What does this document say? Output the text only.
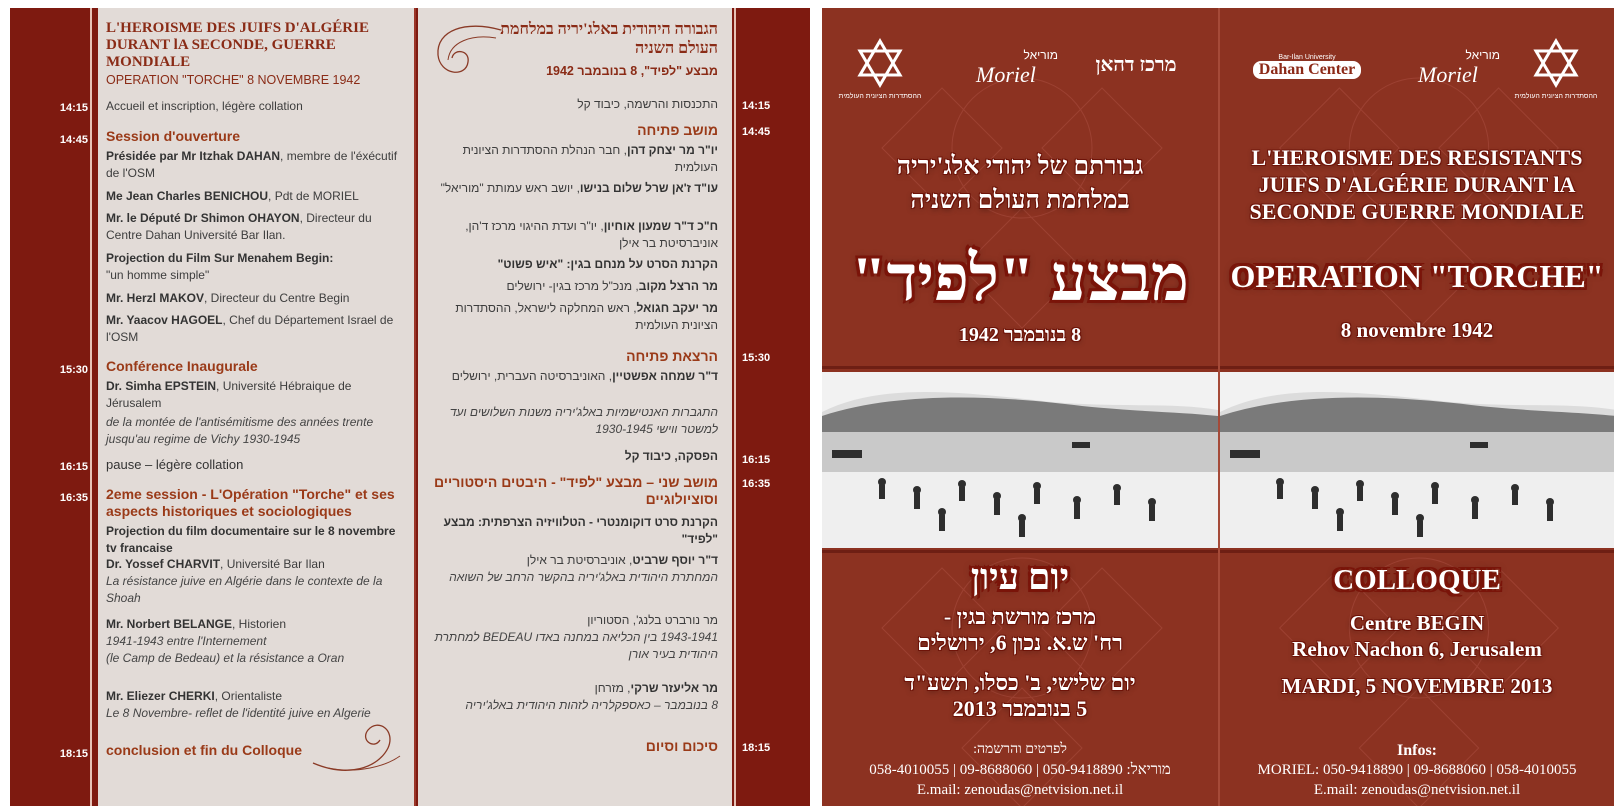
14:15
14:45
15:30
16:15
16:35
18:15
L'HEROISME DES JUIFS D'ALGÉRIE DURANT lA SECONDE, GUERRE MONDIALE
OPERATION "TORCHE" 8 NOVEMBRE 1942
Accueil et inscription, légère collation
Session d'ouverture
Présidée par Mr Itzhak DAHAN, membre de l'éxécutif de l'OSM
Me Jean Charles BENICHOU, Pdt de MORIEL
Mr. le Député Dr Shimon OHAYON, Directeur du Centre Dahan Université Bar Ilan.
Projection du Film Sur Menahem Begin:
"un homme simple"
Mr. Herzl MAKOV, Directeur du Centre Begin
Mr. Yaacov HAGOEL, Chef du Département Israel de l'OSM
Conférence Inaugurale
Dr. Simha EPSTEIN, Université Hébraique de Jérusalem
de la montée de l'antisémitisme des années trente jusqu'au regime de Vichy 1930-1945
pause – légère collation
2eme session - L'Opération "Torche" et ses aspects historiques et sociologiques
Projection du film documentaire sur le 8 novembre tv francaise
Dr. Yossef CHARVIT, Université Bar Ilan
La résistance juive en Algérie dans le contexte de la Shoah
Mr. Norbert BELANGE, Historien
1941-1943 entre l'Internement
(le Camp de Bedeau) et la résistance a Oran
Mr. Eliezer CHERKI, Orientaliste
Le 8 Novembre- reflet de l'identité juive en Algerie
conclusion et fin du Colloque
הגבורה היהודית באלג'יריה במלחמת העולם השניה
מבצע "לפיד", 8 בנובמבר 1942
התכנסות והרשמה, כיבוד קל
מושב פתיחה
יו"ר מר יצחק דהן, חבר הנהלת ההסתדרות הציונית העולמית
עו"ד ז'אן שרל שלום בנישו, יושב ראש עמותת "מוריאל"
ח"כ ד"ר שמעון אוחיון, יו"ר ועדת ההיגוי מרכז ד'הן, אוניברסיטת בר אילן
הקרנת הסרט על מנחם בגין: "איש פשוט"
מר הרצל מקוב, מנכ"ל מרכז בגין- ירושלים
מר יעקב חגואל, ראש המחלקה לישראל, ההסתדרות הציונית העולמית
הרצאת פתיחה
ד"ר שמחה אפשטיין, האוניברסיטה העברית, ירושלים
התגברות האנטישמיות באלג'יריה משנות השלושים ועד למשטר ווישי 1930-1945
הפסקה, כיבוד קל
מושב שני – מבצע "לפיד" - היבטים היסטוריים וסוציולוגיים
הקרנת סרט דוקומנטרי - הטלוויזיה הצרפתית: מבצע "לפיד"
ד"ר יוסף שרביט, אוניברסיטת בר אילן
המחתרת היהודית באלג'יריה בהקשר הרחב של השואה
מר נורברט בלנג', הסטוריון
1943-1941 בין הכליאה במחנה באדו BEDEAU למחתרת היהודית בעיר אורן
מר אליעזר שרקי, מזרחן
8 בנובמבר – כאספקלריה לזהות היהודית באלג'יריה
סיכום וסיום
14:15
14:45
15:30
16:15
16:35
18:15
מרכז דהאן
מוריאל
Moriel
ההסתדרות הציונית העולמית
גבורתם של יהודי אלג'יריה
במלחמת העולם השניה
מבצע "לפיד"
8 בנובמבר 1942
יום עיון
מרכז מורשת בגין -
רח' ש.א. נכון 6, ירושלים
יום שלישי, ב' כסלו, תשע"ד
5 בנובמבר 2013
לפרטים והרשמה:
מוריאל: 050-9418890 | 09-8688060 | 058-4010055
E.mail: zenoudas@netvision.net.il
Bar-Ilan University
Dahan Center
מוריאל
Moriel
ההסתדרות הציונית העולמית
L'HEROISME DES RESISTANTS
JUIFS D'ALGÉRIE DURANT lA
SECONDE GUERRE MONDIALE
OPERATION "TORCHE"
8 novembre 1942
COLLOQUE
Centre BEGIN
Rehov Nachon 6, Jerusalem
MARDI, 5 NOVEMBRE 2013
Infos:
MORIEL: 050-9418890 | 09-8688060 | 058-4010055
E.mail: zenoudas@netvision.net.il
